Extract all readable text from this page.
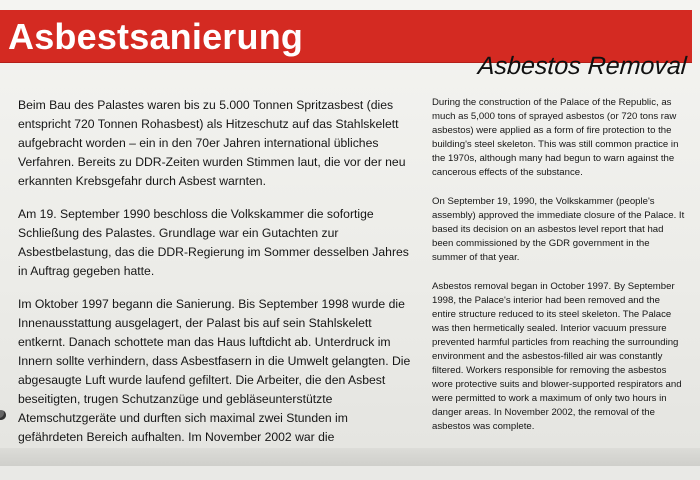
Asbestsanierung
Asbestos Removal

Beim Bau des Palastes waren bis zu 5.000 Tonnen Spritzasbest (dies entspricht 720 Tonnen Rohasbest) als Hitzeschutz auf das Stahlskelett aufgebracht worden – ein in den 70er Jahren international übliches Verfahren. Bereits zu DDR-Zeiten wurden Stimmen laut, die vor der neu erkannten Krebsgefahr durch Asbest warnten.

Am 19. September 1990 beschloss die Volkskammer die sofortige Schließung des Palastes. Grundlage war ein Gutachten zur Asbestbelastung, das die DDR-Regierung im Sommer desselben Jahres in Auftrag gegeben hatte.

Im Oktober 1997 begann die Sanierung. Bis September 1998 wurde die Innenausstattung ausgelagert, der Palast bis auf sein Stahlskelett entkernt. Danach schottete man das Haus luftdicht ab. Unterdruck im Innern sollte verhindern, dass Asbestfasern in die Umwelt gelangten. Die abgesaugte Luft wurde laufend gefiltert. Die Arbeiter, die den Asbest beseitigten, trugen Schutzanzüge und gebläseunterstützte Atemschutzgeräte und durften sich maximal zwei Stunden im gefährdeten Bereich aufhalten. Im November 2002 war die

During the construction of the Palace of the Republic, as much as 5,000 tons of sprayed asbestos (or 720 tons raw asbestos) were applied as a form of fire protection to the building's steel skeleton. This was still common practice in the 1970s, although many had begun to warn against the cancerous effects of the substance.

On September 19, 1990, the Volkskammer (people's assembly) approved the immediate closure of the Palace. It based its decision on an asbestos level report that had been commissioned by the GDR government in the summer of that year.

Asbestos removal began in October 1997. By September 1998, the Palace's interior had been removed and the entire structure reduced to its steel skeleton. The Palace was then hermetically sealed. Interior vacuum pressure prevented harmful particles from reaching the surrounding environment and the asbestos-filled air was constantly filtered. Workers responsible for removing the asbestos wore protective suits and blower-supported respirators and were permitted to work a maximum of only two hours in danger areas. In November 2002, the removal of the asbestos was complete.
